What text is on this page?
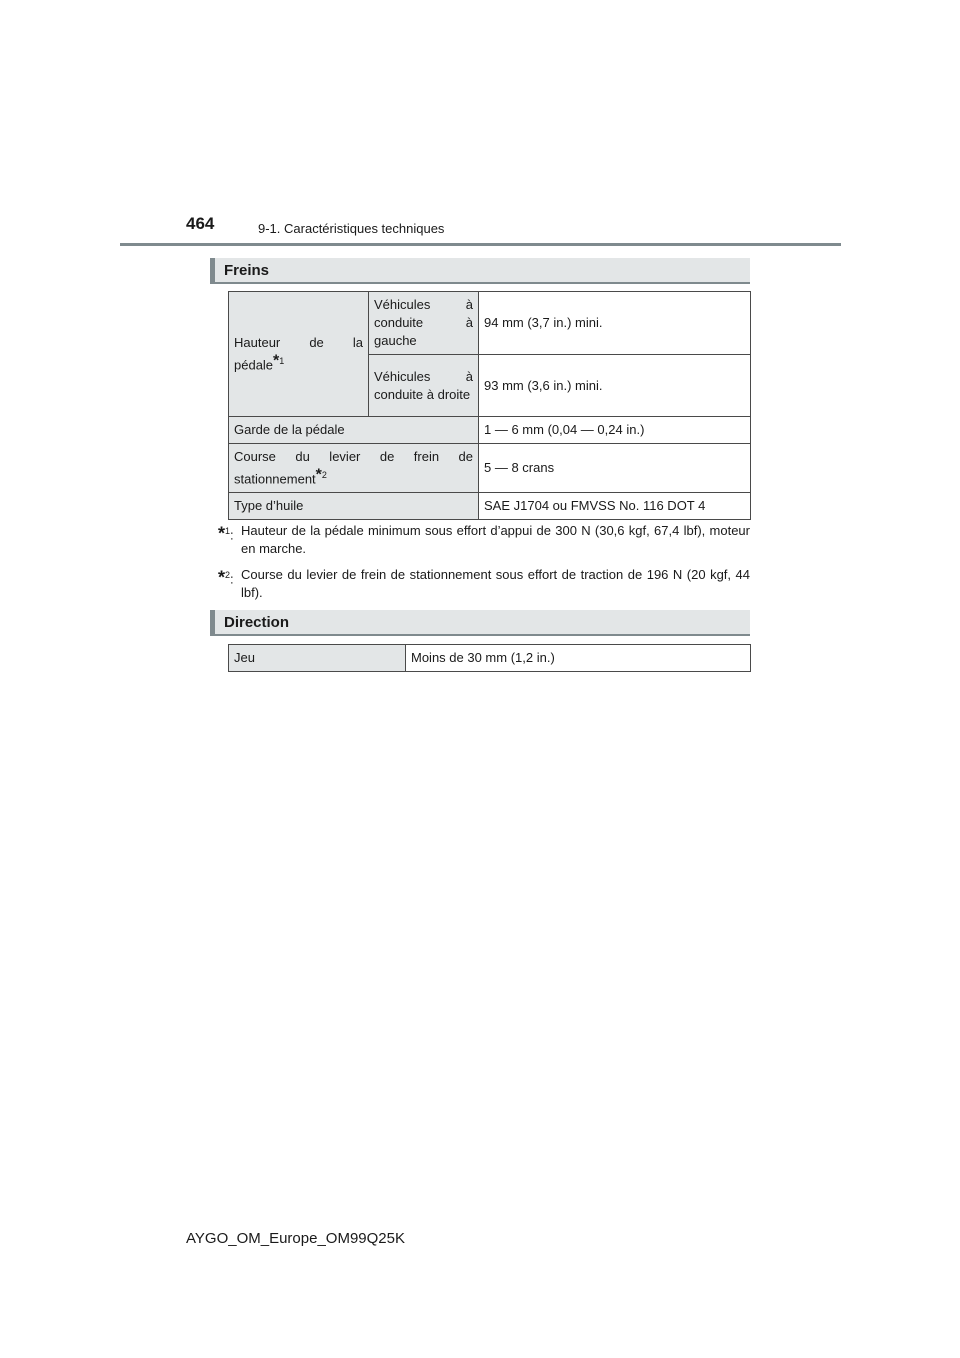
464	9-1. Caractéristiques techniques
Freins
Hauteur de la pédale*$^1$	Véhicules à conduite à gauche	94 mm (3,7 in.) mini.
	Véhicules à conduite à droite	93 mm (3,6 in.) mini.
Garde de la pédale		1 — 6 mm (0,04 — 0,24 in.)
Course du levier de frein de stationnement*$^2$		5 — 8 crans
Type d’huile		SAE J1704 ou FMVSS No. 116 DOT 4
*$^1$: Hauteur de la pédale minimum sous effort d’appui de 300 N (30,6 kgf, 67,4 lbf), moteur en marche.
*$^2$: Course du levier de frein de stationnement sous effort de traction de 196 N (20 kgf, 44 lbf).
Direction
Jeu	Moins de 30 mm (1,2 in.)
AYGO_OM_Europe_OM99Q25K
